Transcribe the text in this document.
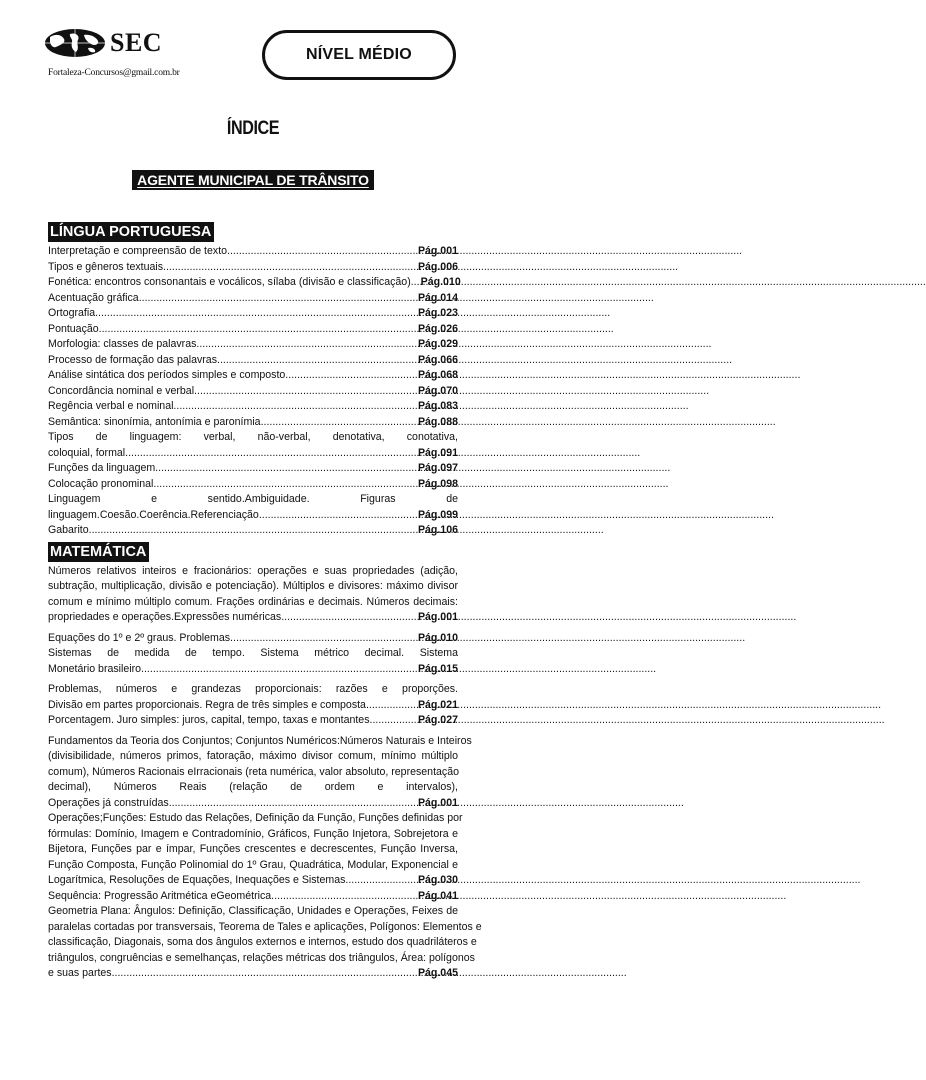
SEC
Fortaleza-Concursos@gmail.com.br
NÍVEL MÉDIO
ÍNDICE
AGENTE MUNICIPAL DE TRÂNSITO
LÍNGUA PORTUGUESA
Interpretação e compreensão de texto. .....	Pág.001
Tipos e gêneros textuais. .....	Pág.006
Fonética: encontros consonantais e vocálicos, sílaba (divisão e classificação). ..... Pág.010
Acentuação gráfica. .....	Pág.014
Ortografia. .....	Pág.023
Pontuação. .....	Pág.026
Morfologia: classes de palavras. .....	Pág.029
Processo de formação das palavras. .....	Pág.066
Análise sintática dos períodos simples e composto. .....	Pág.068
Concordância nominal e verbal. .....	Pág.070
Regência verbal e nominal. .....	Pág.083
Semântica: sinonímia, antonímia e paronímia. .....	Pág.088
Tipos de linguagem: verbal, não-verbal, denotativa, conotativa,
coloquial, formal. .....	Pág.091
Funções da linguagem. .....	Pág.097
Colocação pronominal. .....	Pág.098
Linguagem e sentido.Ambiguidade. Figuras de
linguagem.Coesão.Coerência.Referenciação. .....	Pág.099
Gabarito. .....	Pág.106
MATEMÁTICA
Números relativos inteiros e fracionários: operações e suas propriedades (adição,
subtração, multiplicação, divisão e potenciação). Múltiplos e divisores: máximo divisor
comum e mínimo múltiplo comum. Frações ordinárias e decimais. Números decimais:
propriedades e operações.Expressões numéricas. .....	Pág.001
Equações do 1º e 2º graus. Problemas. .....	Pág.010
Sistemas de medida de tempo. Sistema métrico decimal. Sistema
Monetário brasileiro. .....	Pág.015
Problemas, números e grandezas proporcionais: razões e proporções.
Divisão em partes proporcionais. Regra de três simples e composta. .....	Pág.021
Porcentagem. Juro simples: juros, capital, tempo, taxas e montantes. .....	Pág.027
Fundamentos da Teoria dos Conjuntos; Conjuntos Numéricos:Números Naturais e Inteiros
(divisibilidade, números primos, fatoração, máximo divisor comum, mínimo múltiplo
comum), Números Racionais eIrracionais (reta numérica, valor absoluto, representação
decimal), Números Reais (relação de ordem e intervalos),
Operações já construídas. .....	Pág.001
Operações;Funções: Estudo das Relações, Definição da Função, Funções definidas por
fórmulas: Domínio, Imagem e Contradomínio, Gráficos, Função Injetora, Sobrejetora e
Bijetora, Funções par e ímpar, Funções crescentes e decrescentes, Função Inversa,
Função Composta, Função Polinomial do 1º Grau, Quadrática, Modular, Exponencial e
Logarítmica, Resoluções de Equações, Inequações e Sistemas. .....	Pág.030
Sequência: Progressão Aritmética eGeométrica. .....	Pág.041
Geometria Plana: Ângulos: Definição, Classificação, Unidades e Operações, Feixes de
paralelas cortadas por transversais, Teorema de Tales e aplicações, Polígonos: Elementos e
classificação, Diagonais, soma dos ângulos externos e internos, estudo dos quadriláteros e
triângulos, congruências e semelhanças, relações métricas dos triângulos, Área: polígonos
e suas partes. .....	Pág.045
